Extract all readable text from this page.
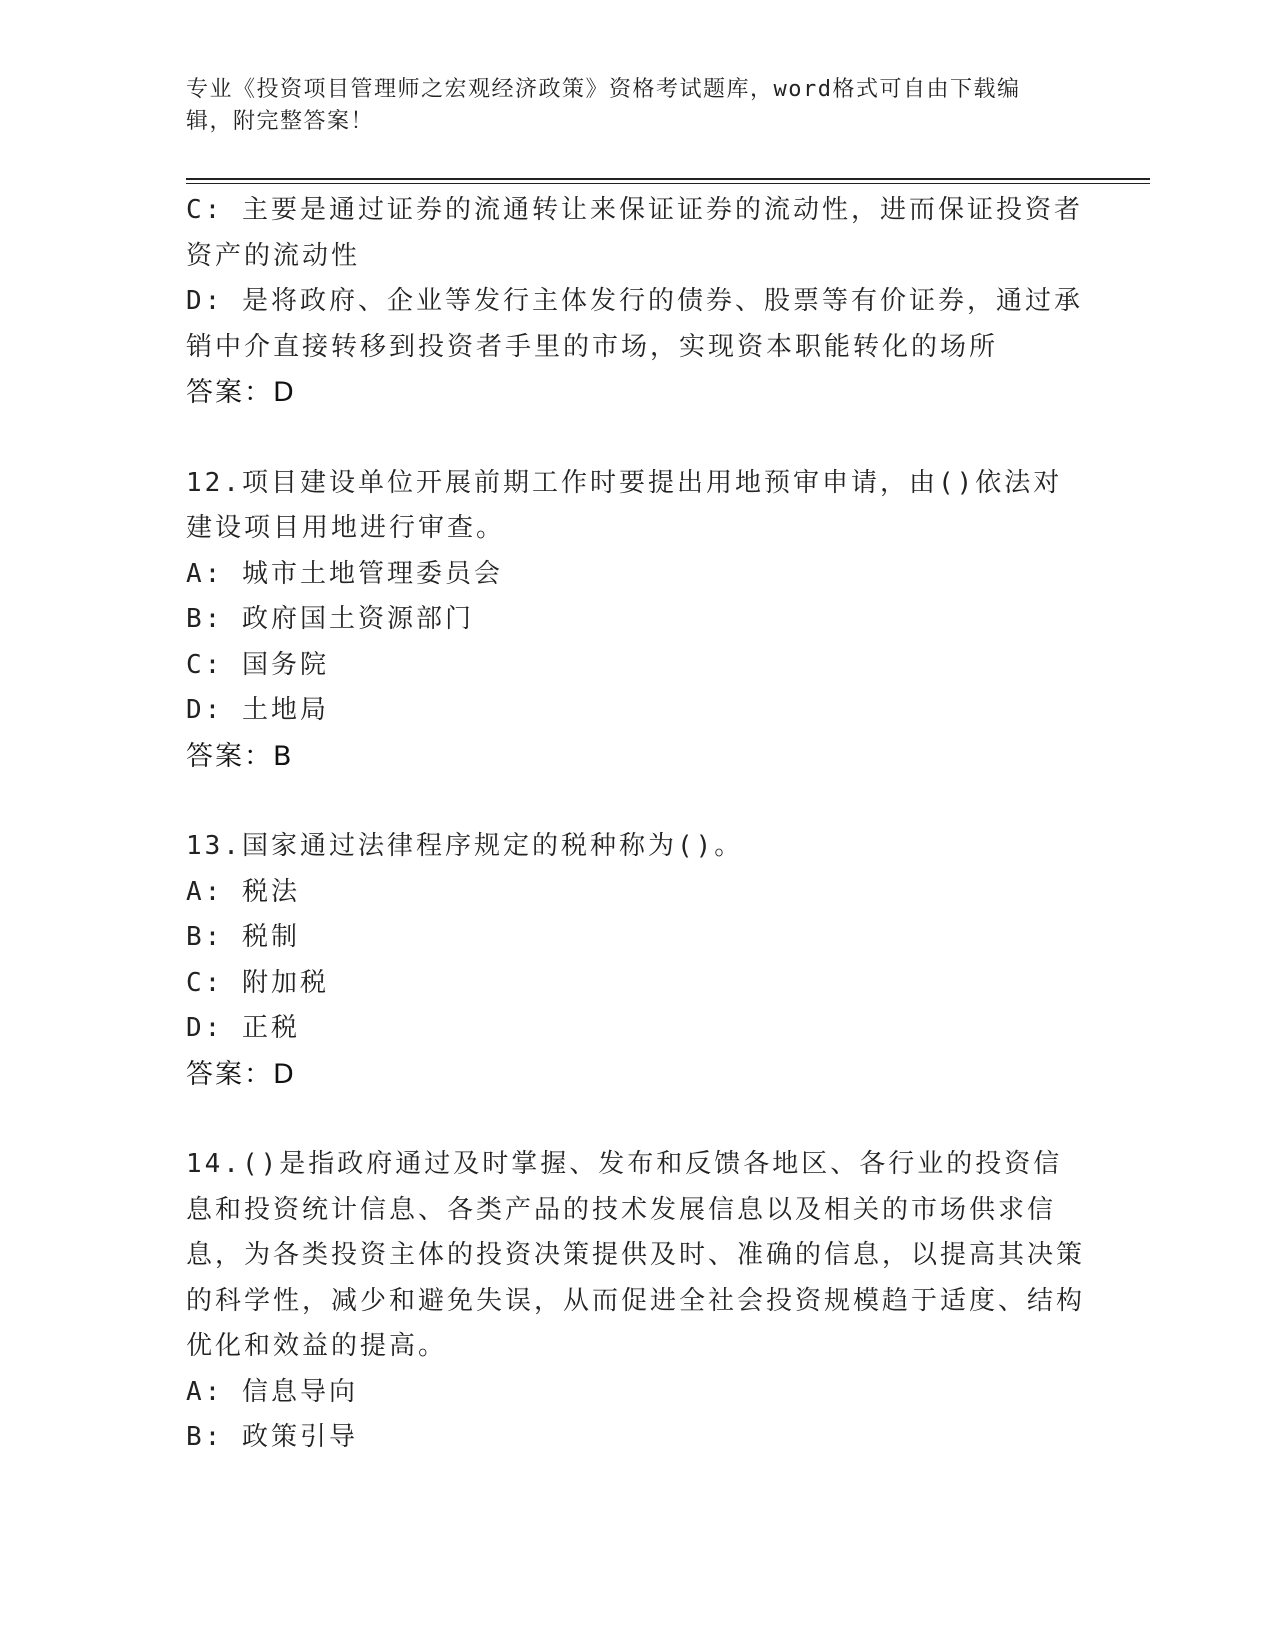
专业《投资项目管理师之宏观经济政策》资格考试题库，word格式可自由下载编辑，附完整答案！
C: 主要是通过证券的流通转让来保证证券的流动性，进而保证投资者资产的流动性
D: 是将政府、企业等发行主体发行的债券、股票等有价证券，通过承销中介直接转移到投资者手里的市场，实现资本职能转化的场所
答案：D
12.项目建设单位开展前期工作时要提出用地预审申请，由()依法对建设项目用地进行审查。
A: 城市土地管理委员会
B: 政府国土资源部门
C: 国务院
D: 土地局
答案：B
13.国家通过法律程序规定的税种称为()。
A: 税法
B: 税制
C: 附加税
D: 正税
答案：D
14.()是指政府通过及时掌握、发布和反馈各地区、各行业的投资信息和投资统计信息、各类产品的技术发展信息以及相关的市场供求信息，为各类投资主体的投资决策提供及时、准确的信息，以提高其决策的科学性，减少和避免失误，从而促进全社会投资规模趋于适度、结构优化和效益的提高。
A: 信息导向
B: 政策引导
